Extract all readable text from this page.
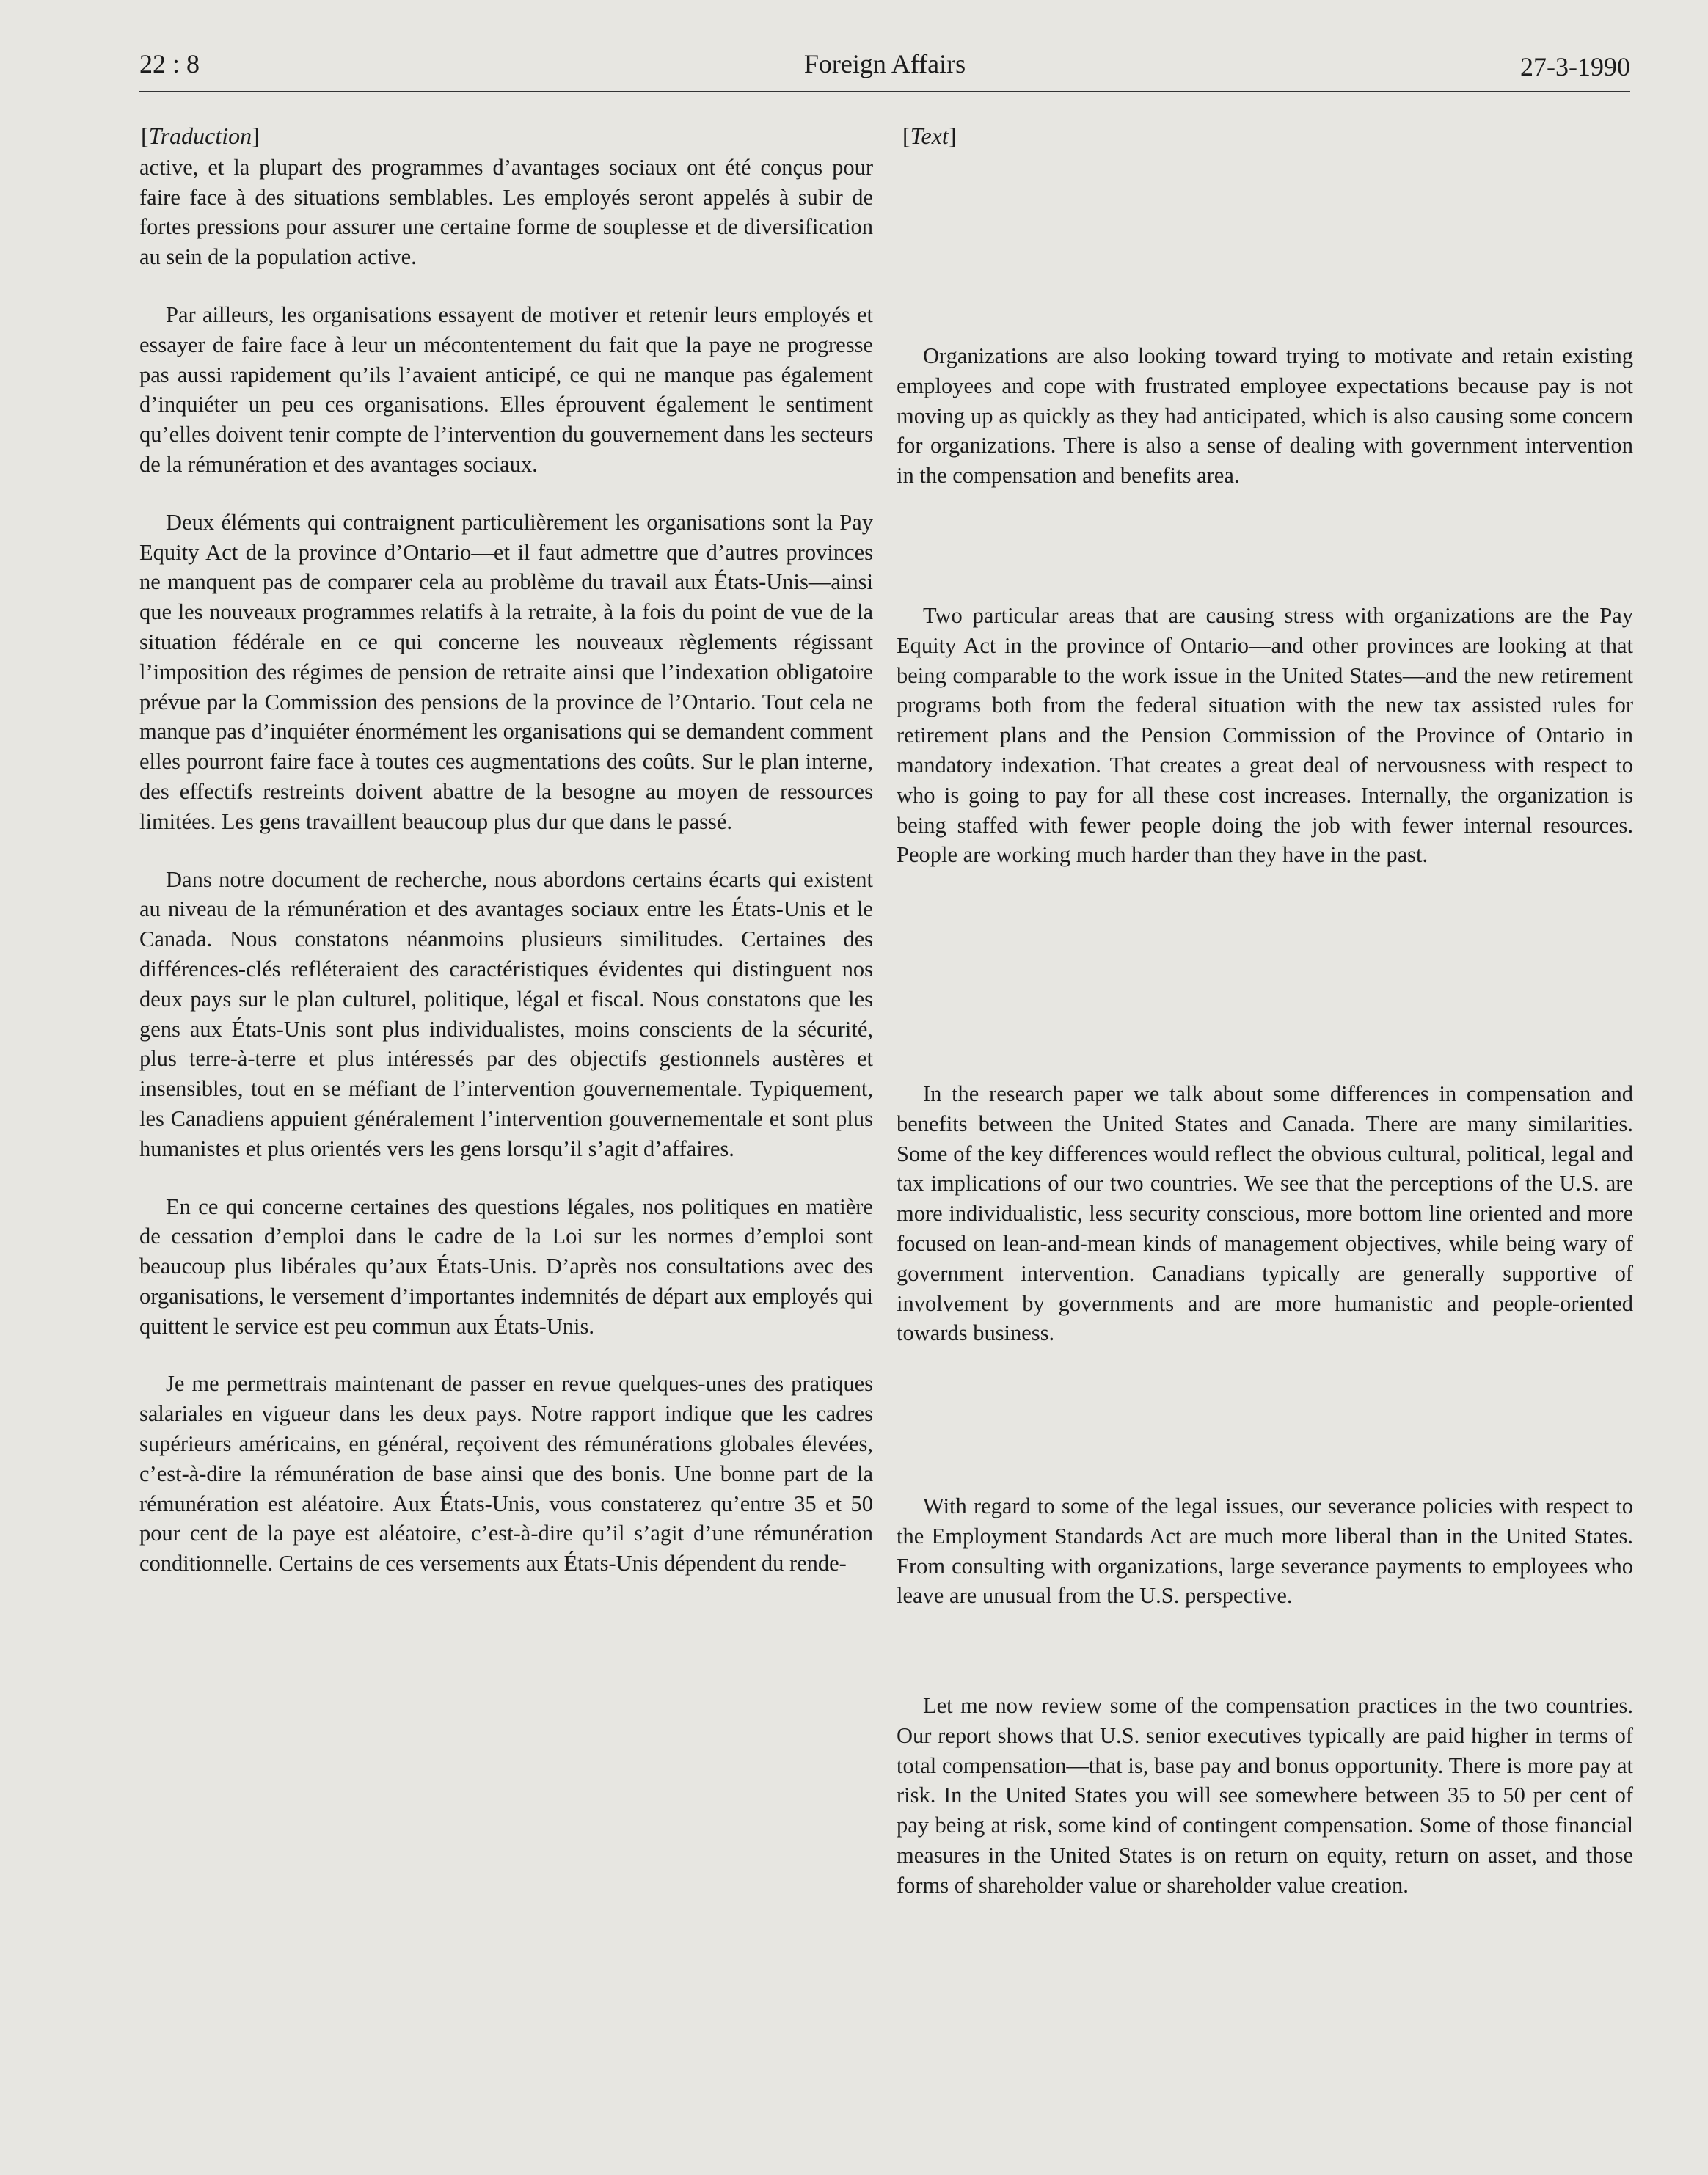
22 : 8	Foreign Affairs	27-3-1990
[Traduction]

active, et la plupart des programmes d’avantages sociaux ont été conçus pour faire face à des situations semblables. Les employés seront appelés à subir de fortes pressions pour assurer une certaine forme de souplesse et de diversification au sein de la population active.

Par ailleurs, les organisations essayent de motiver et retenir leurs employés et essayer de faire face à leur un mécontentement du fait que la paye ne progresse pas aussi rapidement qu’ils l’avaient anticipé, ce qui ne manque pas également d’inquiéter un peu ces organisations. Elles éprouvent également le sentiment qu’elles doivent tenir compte de l’intervention du gouvernement dans les secteurs de la rémunération et des avantages sociaux.

Deux éléments qui contraignent particulièrement les organisations sont la Pay Equity Act de la province d’Ontario—et il faut admettre que d’autres provinces ne manquent pas de comparer cela au problème du travail aux États-Unis—ainsi que les nouveaux programmes relatifs à la retraite, à la fois du point de vue de la situation fédérale en ce qui concerne les nouveaux règlements régissant l’imposition des régimes de pension de retraite ainsi que l’indexation obligatoire prévue par la Commission des pensions de la province de l’Ontario. Tout cela ne manque pas d’inquiéter énormément les organisations qui se demandent comment elles pourront faire face à toutes ces augmentations des coûts. Sur le plan interne, des effectifs restreints doivent abattre de la besogne au moyen de ressources limitées. Les gens travaillent beaucoup plus dur que dans le passé.

Dans notre document de recherche, nous abordons certains écarts qui existent au niveau de la rémunération et des avantages sociaux entre les États-Unis et le Canada. Nous constatons néanmoins plusieurs similitudes. Certaines des différences-clés refléteraient des caractéristiques évidentes qui distinguent nos deux pays sur le plan culturel, politique, légal et fiscal. Nous constatons que les gens aux États-Unis sont plus individualistes, moins conscients de la sécurité, plus terre-à-terre et plus intéressés par des objectifs gestionnels austères et insensibles, tout en se méfiant de l’intervention gouvernementale. Typiquement, les Canadiens appuient généralement l’intervention gouvernementale et sont plus humanistes et plus orientés vers les gens lorsqu’il s’agit d’affaires.

En ce qui concerne certaines des questions légales, nos politiques en matière de cessation d’emploi dans le cadre de la Loi sur les normes d’emploi sont beaucoup plus libérales qu’aux États-Unis. D’après nos consultations avec des organisations, le versement d’importantes indemnités de départ aux employés qui quittent le service est peu commun aux États-Unis.

Je me permettrais maintenant de passer en revue quelques-unes des pratiques salariales en vigueur dans les deux pays. Notre rapport indique que les cadres supérieurs américains, en général, reçoivent des rémunérations globales élevées, c’est-à-dire la rémunération de base ainsi que des bonis. Une bonne part de la rémunération est aléatoire. Aux États-Unis, vous constaterez qu’entre 35 et 50 pour cent de la paye est aléatoire, c’est-à-dire qu’il s’agit d’une rémunération conditionnelle. Certains de ces versements aux États-Unis dépendent du rende-

[Text]

Organizations are also looking toward trying to motivate and retain existing employees and cope with frustrated employee expectations because pay is not moving up as quickly as they had anticipated, which is also causing some concern for organizations. There is also a sense of dealing with government intervention in the compensation and benefits area.

Two particular areas that are causing stress with organizations are the Pay Equity Act in the province of Ontario—and other provinces are looking at that being comparable to the work issue in the United States—and the new retirement programs both from the federal situation with the new tax assisted rules for retirement plans and the Pension Commission of the Province of Ontario in mandatory indexation. That creates a great deal of nervousness with respect to who is going to pay for all these cost increases. Internally, the organization is being staffed with fewer people doing the job with fewer internal resources. People are working much harder than they have in the past.

In the research paper we talk about some differences in compensation and benefits between the United States and Canada. There are many similarities. Some of the key differences would reflect the obvious cultural, political, legal and tax implications of our two countries. We see that the perceptions of the U.S. are more individualistic, less security conscious, more bottom line oriented and more focused on lean-and-mean kinds of management objectives, while being wary of government intervention. Canadians typically are generally supportive of involvement by governments and are more humanistic and people-oriented towards business.

With regard to some of the legal issues, our severance policies with respect to the Employment Standards Act are much more liberal than in the United States. From consulting with organizations, large severance payments to employees who leave are unusual from the U.S. perspective.

Let me now review some of the compensation practices in the two countries. Our report shows that U.S. senior executives typically are paid higher in terms of total compensation—that is, base pay and bonus opportunity. There is more pay at risk. In the United States you will see somewhere between 35 to 50 per cent of pay being at risk, some kind of contingent compensation. Some of those financial measures in the United States is on return on equity, return on asset, and those forms of shareholder value or shareholder value creation.
